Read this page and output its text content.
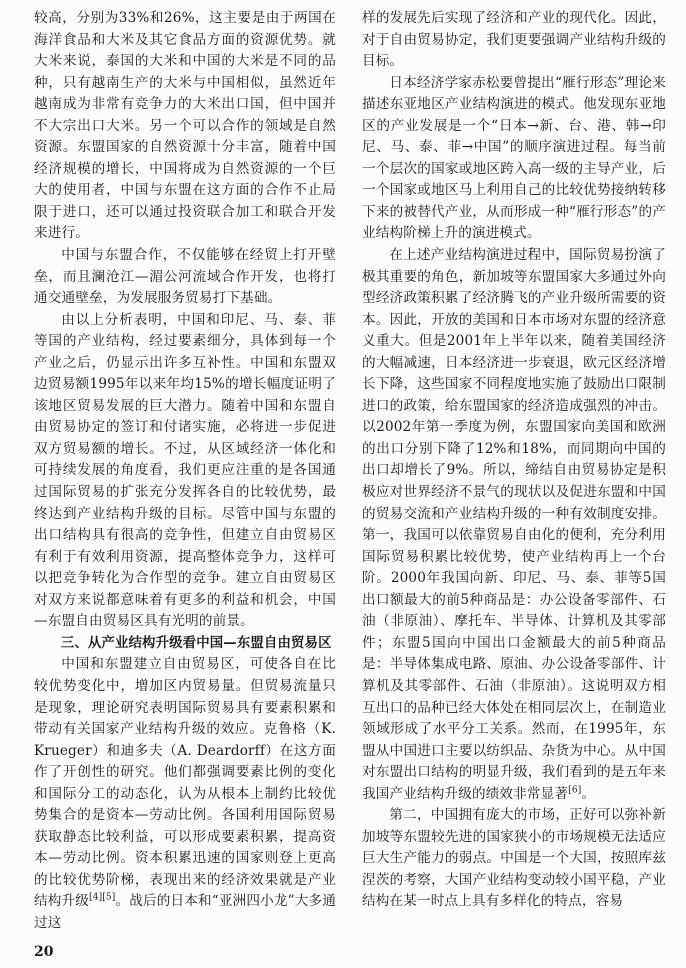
较高，分别为33%和26%，这主要是由于两国在海洋食品和大米及其它食品方面的资源优势。就大米来说，泰国的大米和中国的大米是不同的品种，只有越南生产的大米与中国相似，虽然近年越南成为非常有竞争力的大米出口国，但中国并不大宗出口大米。另一个可以合作的领域是自然资源。东盟国家的自然资源十分丰富，随着中国经济规模的增长，中国将成为自然资源的一个巨大的使用者，中国与东盟在这方面的合作不止局限于进口，还可以通过投资联合加工和联合开发来进行。

中国与东盟合作，不仅能够在经贸上打开壁垒，而且澜沧江—湄公河流域合作开发，也将打通交通壁垒，为发展服务贸易打下基础。

由以上分析表明，中国和印尼、马、泰、菲等国的产业结构，经过要素细分，具体到每一个产业之后，仍显示出许多互补性。中国和东盟双边贸易额1995年以来年均15%的增长幅度证明了该地区贸易发展的巨大潜力。随着中国和东盟自由贸易协定的签订和付诸实施，必将进一步促进双方贸易额的增长。不过，从区域经济一体化和可持续发展的角度看，我们更应注重的是各国通过国际贸易的扩张充分发挥各自的比较优势，最终达到产业结构升级的目标。尽管中国与东盟的出口结构具有很高的竞争性，但建立自由贸易区有利于有效利用资源，提高整体竞争力，这样可以把竞争转化为合作型的竞争。建立自由贸易区对双方来说都意味着有更多的利益和机会，中国—东盟自由贸易区具有光明的前景。

三、从产业结构升级看中国—东盟自由贸易区

中国和东盟建立自由贸易区，可使各自在比较优势变化中，增加区内贸易量。但贸易流量只是现象，理论研究表明国际贸易具有要素积累和带动有关国家产业结构升级的效应。克鲁格（K. Krueger）和迪多夫（A. Deardorff）在这方面作了开创性的研究。他们都强调要素比例的变化和国际分工的动态化，认为从根本上制约比较优势集合的是资本—劳动比例。各国利用国际贸易获取静态比较利益，可以形成要素积累，提高资本—劳动比例。资本积累迅速的国家则登上更高的比较优势阶梯，表现出来的经济效果就是产业结构升级[4][5]。战后的日本和“亚洲四小龙”大多通过这

样的发展先后实现了经济和产业的现代化。因此，对于自由贸易协定，我们更要强调产业结构升级的目标。

日本经济学家赤松要曾提出“雁行形态”理论来描述东亚地区产业结构演进的模式。他发现东亚地区的产业发展是一个“日本→新、台、港、韩→印尼、马、泰、菲→中国”的顺序演进过程。每当前一个层次的国家或地区跨入高一级的主导产业，后一个国家或地区马上利用自己的比较优势接纳转移下来的被替代产业，从而形成一种“雁行形态”的产业结构阶梯上升的演进模式。

在上述产业结构演进过程中，国际贸易扮演了极其重要的角色，新加坡等东盟国家大多通过外向型经济政策积累了经济腾飞的产业升级所需要的资本。因此，开放的美国和日本市场对东盟的经济意义重大。但是2001年上半年以来，随着美国经济的大幅减速，日本经济进一步衰退，欧元区经济增长下降，这些国家不同程度地实施了鼓励出口限制进口的政策，给东盟国家的经济造成强烈的冲击。以2002年第一季度为例，东盟国家向美国和欧洲的出口分别下降了12%和18%，而同期向中国的出口却增长了9%。所以，缔结自由贸易协定是积极应对世界经济不景气的现状以及促进东盟和中国的贸易交流和产业结构升级的一种有效制度安排。第一，我国可以依靠贸易自由化的便利，充分利用国际贸易积累比较优势，使产业结构再上一个台阶。2000年我国向新、印尼、马、泰、菲等5国出口额最大的前5种商品是：办公设备零部件、石油（非原油）、摩托车、半导体、计算机及其零部件；东盟5国向中国出口金额最大的前5种商品是：半导体集成电路、原油、办公设备零部件、计算机及其零部件、石油（非原油）。这说明双方相互出口的品种已经大体处在相同层次上，在制造业领域形成了水平分工关系。然而，在1995年，东盟从中国进口主要以纺织品、杂货为中心。从中国对东盟出口结构的明显升级，我们看到的是五年来我国产业结构升级的绩效非常显著[6]。

第二，中国拥有庞大的市场，正好可以弥补新加坡等东盟较先进的国家狭小的市场规模无法适应巨大生产能力的弱点。中国是一个大国，按照库兹涅茨的考察，大国产业结构变动较小国平稳，产业结构在某一时点上具有多样化的特点，容易

20
